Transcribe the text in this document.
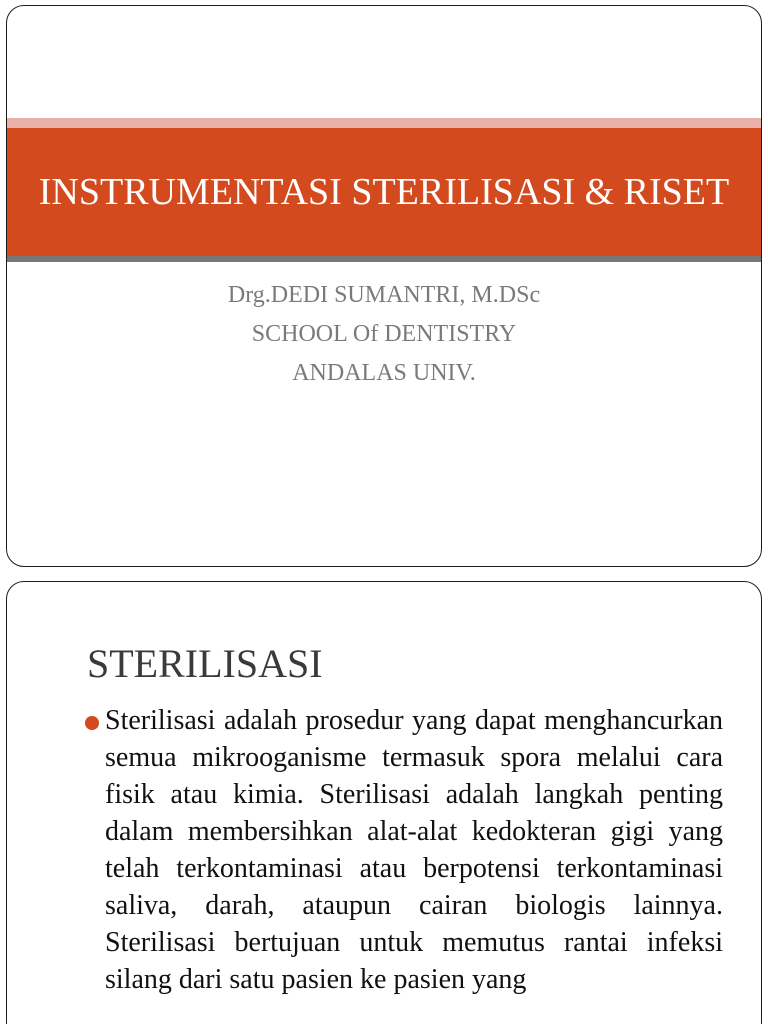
INSTRUMENTASI STERILISASI & RISET
Drg.DEDI SUMANTRI, M.DSc
SCHOOL Of DENTISTRY
ANDALAS UNIV.
STERILISASI

Sterilisasi adalah prosedur yang dapat menghancurkan semua mikrooganisme termasuk spora melalui cara fisik atau kimia. Sterilisasi adalah langkah penting dalam membersihkan alat-alat kedokteran gigi yang telah terkontaminasi atau berpotensi terkontaminasi saliva, darah, ataupun cairan biologis lainnya. Sterilisasi bertujuan untuk memutus rantai infeksi silang dari satu pasien ke pasien yang
